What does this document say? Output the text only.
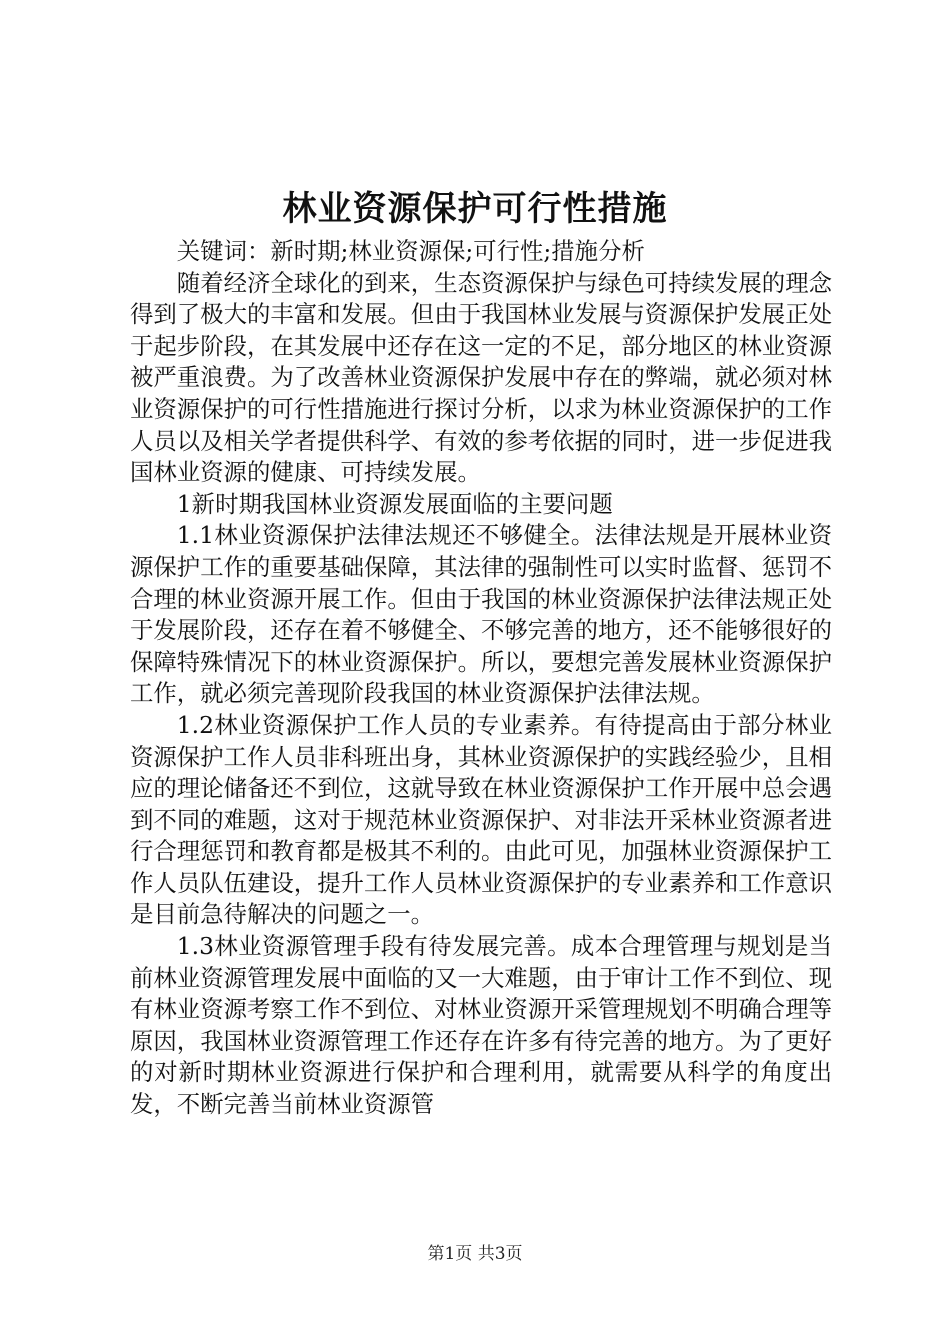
林业资源保护可行性措施

关键词：新时期;林业资源保;可行性;措施分析

随着经济全球化的到来，生态资源保护与绿色可持续发展的理念得到了极大的丰富和发展。但由于我国林业发展与资源保护发展正处于起步阶段，在其发展中还存在这一定的不足，部分地区的林业资源被严重浪费。为了改善林业资源保护发展中存在的弊端，就必须对林业资源保护的可行性措施进行探讨分析，以求为林业资源保护的工作人员以及相关学者提供科学、有效的参考依据的同时，进一步促进我国林业资源的健康、可持续发展。

1新时期我国林业资源发展面临的主要问题

1.1林业资源保护法律法规还不够健全。法律法规是开展林业资源保护工作的重要基础保障，其法律的强制性可以实时监督、惩罚不合理的林业资源开展工作。但由于我国的林业资源保护法律法规正处于发展阶段，还存在着不够健全、不够完善的地方，还不能够很好的保障特殊情况下的林业资源保护。所以，要想完善发展林业资源保护工作，就必须完善现阶段我国的林业资源保护法律法规。

1.2林业资源保护工作人员的专业素养。有待提高由于部分林业资源保护工作人员非科班出身，其林业资源保护的实践经验少，且相应的理论储备还不到位，这就导致在林业资源保护工作开展中总会遇到不同的难题，这对于规范林业资源保护、对非法开采林业资源者进行合理惩罚和教育都是极其不利的。由此可见，加强林业资源保护工作人员队伍建设，提升工作人员林业资源保护的专业素养和工作意识是目前急待解决的问题之一。

1.3林业资源管理手段有待发展完善。成本合理管理与规划是当前林业资源管理发展中面临的又一大难题，由于审计工作不到位、现有林业资源考察工作不到位、对林业资源开采管理规划不明确合理等原因，我国林业资源管理工作还存在许多有待完善的地方。为了更好的对新时期林业资源进行保护和合理利用，就需要从科学的角度出发，不断完善当前林业资源管

第1页 共3页
